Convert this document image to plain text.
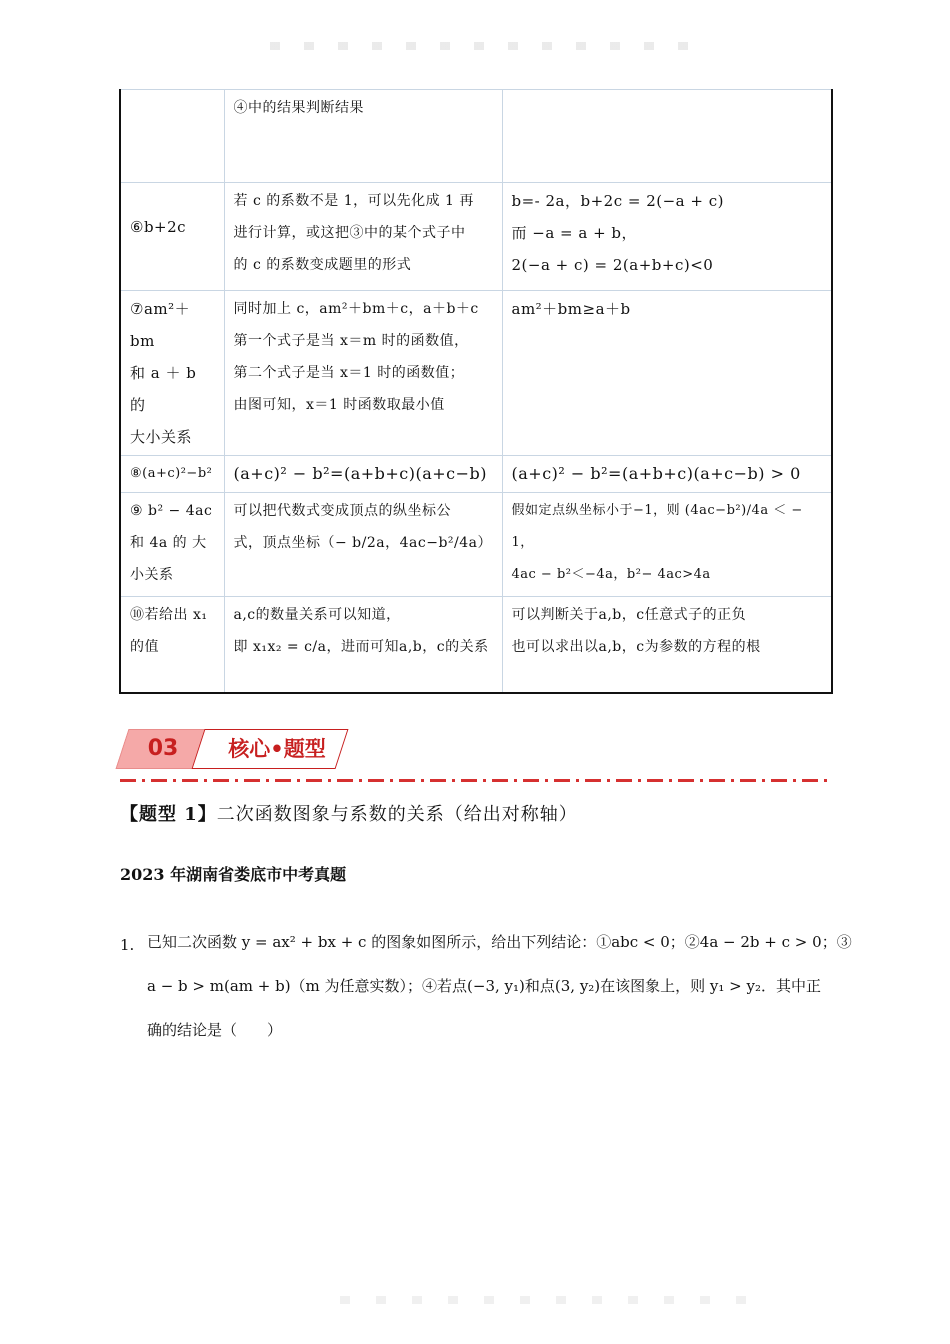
	④中的结果判断结果	
⑥b+2c	若 c 的系数不是 1，可以先化成 1 再
进行计算，或这把③中的某个式子中
的 c 的系数变成题里的形式	b=- 2a，b+2c = 2(−a + c)
而 −a = a + b，
2(−a + c) = 2(a+b+c)<0
⑦am²＋bm
和 a ＋ b 的
大小关系	同时加上 c，am²＋bm＋c，a＋b＋c
第一个式子是当 x＝m 时的函数值，
第二个式子是当 x＝1 时的函数值；
由图可知，x＝1 时函数取最小值	am²＋bm≥a＋b
⑧(a+c)²−b²	(a+c)² − b²=(a+b+c)(a+c−b)	(a+c)² − b²=(a+b+c)(a+c−b) > 0
⑨ b² − 4ac
和 4a 的 大
小关系	可以把代数式变成顶点的纵坐标公
式，顶点坐标（− b/2a，4ac−b²/4a）	假如定点纵坐标小于−1，则 (4ac−b²)/4a ＜ − 1，
4ac − b²＜−4a，b²− 4ac>4a
⑩若给出 x₁
的值	a,c的数量关系可以知道，
即 x₁x₂ = c/a，进而可知a,b，c的关系	可以判断关于a,b，c任意式子的正负
也可以求出以a,b，c为参数的方程的根
03	核心•题型
【题型 1】二次函数图象与系数的关系（给出对称轴）
2023 年湖南省娄底市中考真题
1. 已知二次函数 y = ax² + bx + c 的图象如图所示，给出下列结论：①abc < 0；②4a − 2b + c > 0；③
a − b > m(am + b)（m 为任意实数）；④若点(−3, y₁)和点(3, y₂)在该图象上，则 y₁ > y₂．其中正
确的结论是（　　）
